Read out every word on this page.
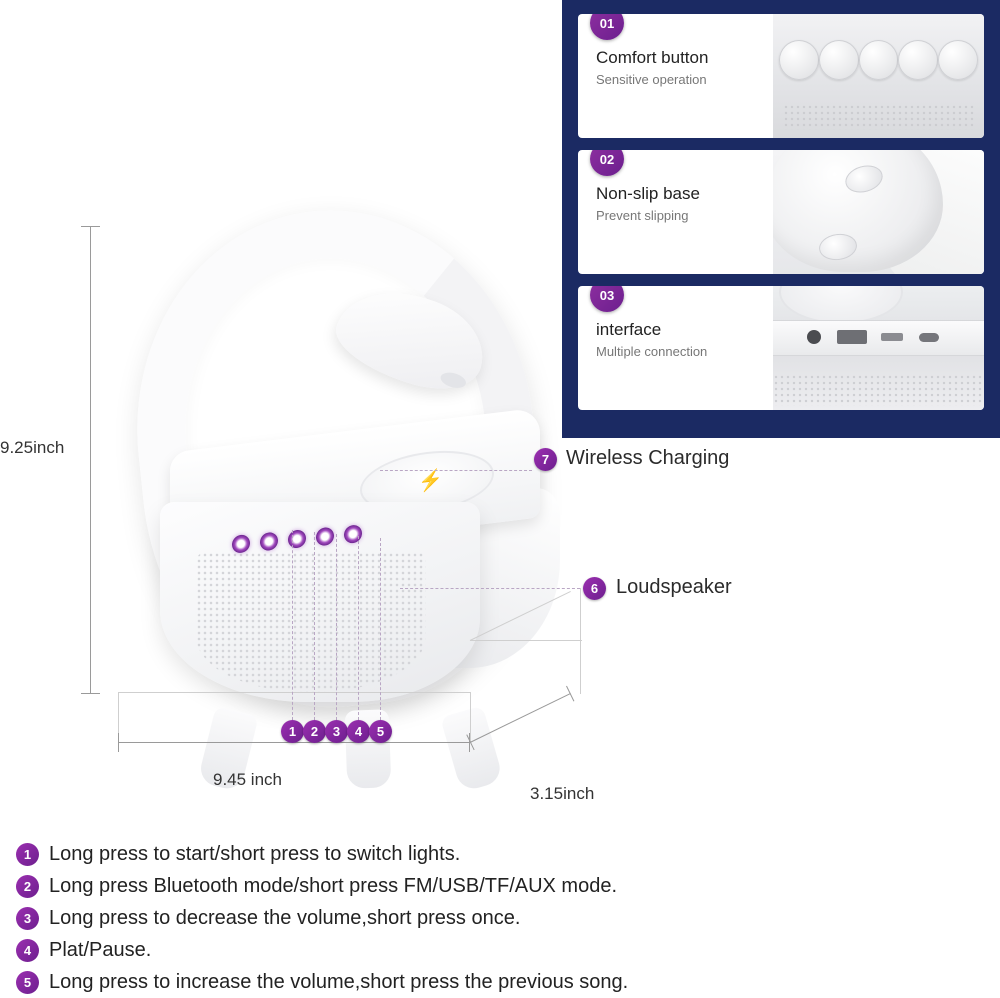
01
Comfort button
Sensitive operation
02
Non-slip base
Prevent slipping
03
interface
Multiple connection
⚡
9.25inch
9.45 inch
3.15inch
7 Wireless Charging
6 Loudspeaker
1	2	3	4	5
1 Long press to start/short press to switch lights.
2 Long press Bluetooth mode/short press FM/USB/TF/AUX mode.
3 Long press to decrease the volume,short press once.
4 Plat/Pause.
5 Long press to increase the volume,short press the previous song.
